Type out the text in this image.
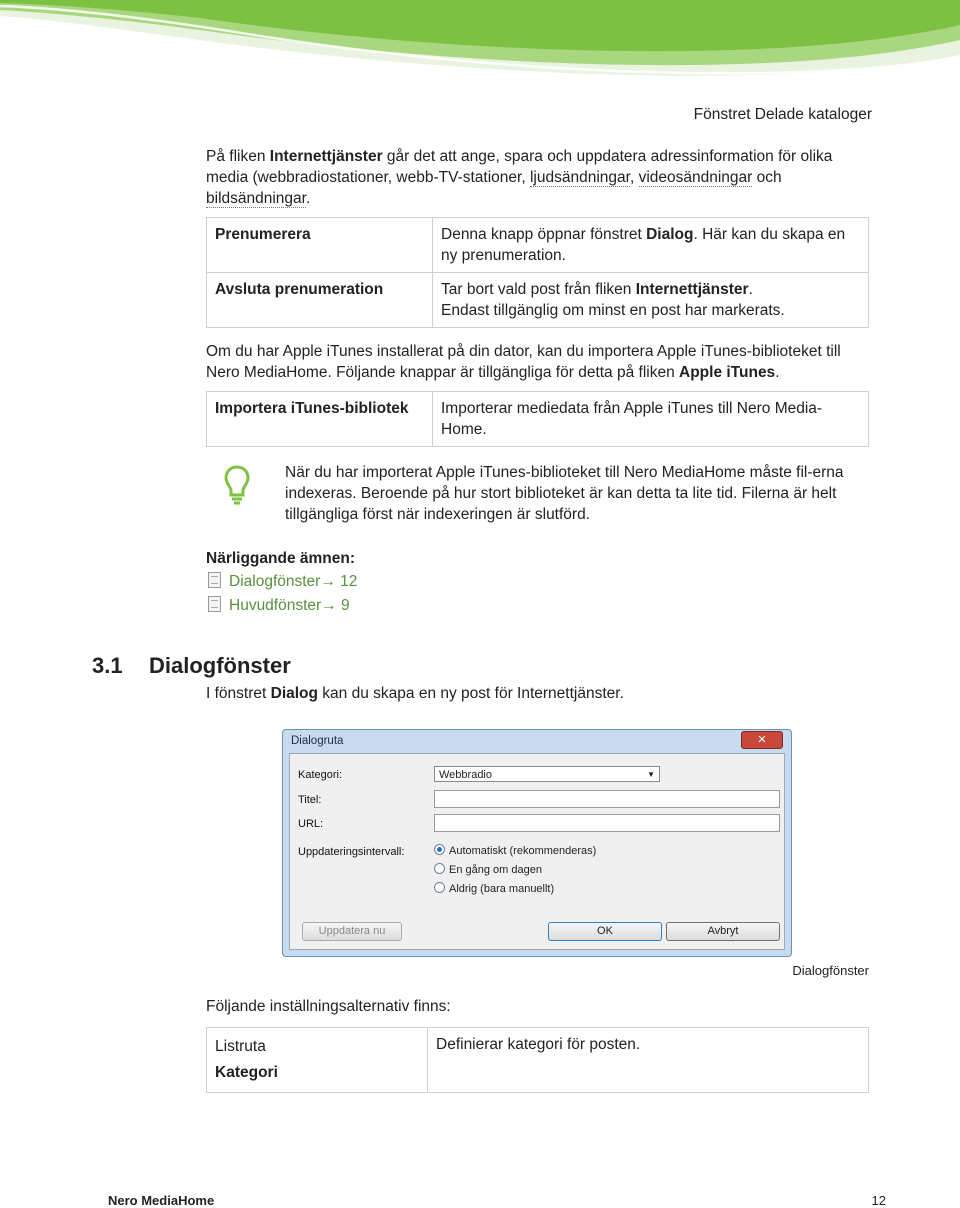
Fönstret Delade kataloger
På fliken Internettjänster går det att ange, spara och uppdatera adressinformation för olika media (webbradiostationer, webb-TV-stationer, ljudsändningar, videosändningar och bildsändningar.
Prenumerera	Denna knapp öppnar fönstret Dialog. Här kan du skapa en ny prenumeration.
Avsluta prenumeration	Tar bort vald post från fliken Internettjänster.
Endast tillgänglig om minst en post har markerats.
Om du har Apple iTunes installerat på din dator, kan du importera Apple iTunes-biblioteket till Nero MediaHome. Följande knappar är tillgängliga för detta på fliken Apple iTunes.
Importera iTunes-bibliotek	Importerar mediedata från Apple iTunes till Nero Media-Home.
När du har importerat Apple iTunes-biblioteket till Nero MediaHome måste fil-erna indexeras. Beroende på hur stort biblioteket är kan detta ta lite tid. Filerna är helt tillgängliga först när indexeringen är slutförd.
Närliggande ämnen:
Dialogfönster→ 12
Huvudfönster→ 9
3.1 Dialogfönster
I fönstret Dialog kan du skapa en ny post för Internettjänster.
Dialogruta	✕
Kategori:	Webbradio	▼
Titel:
URL:
Uppdateringsintervall:	Automatiskt (rekommenderas)
En gång om dagen
Aldrig (bara manuellt)
Uppdatera nu	OK	Avbryt
Dialogfönster
Följande inställningsalternativ finns:
Listruta
Kategori	Definierar kategori för posten.
Nero MediaHome	12
